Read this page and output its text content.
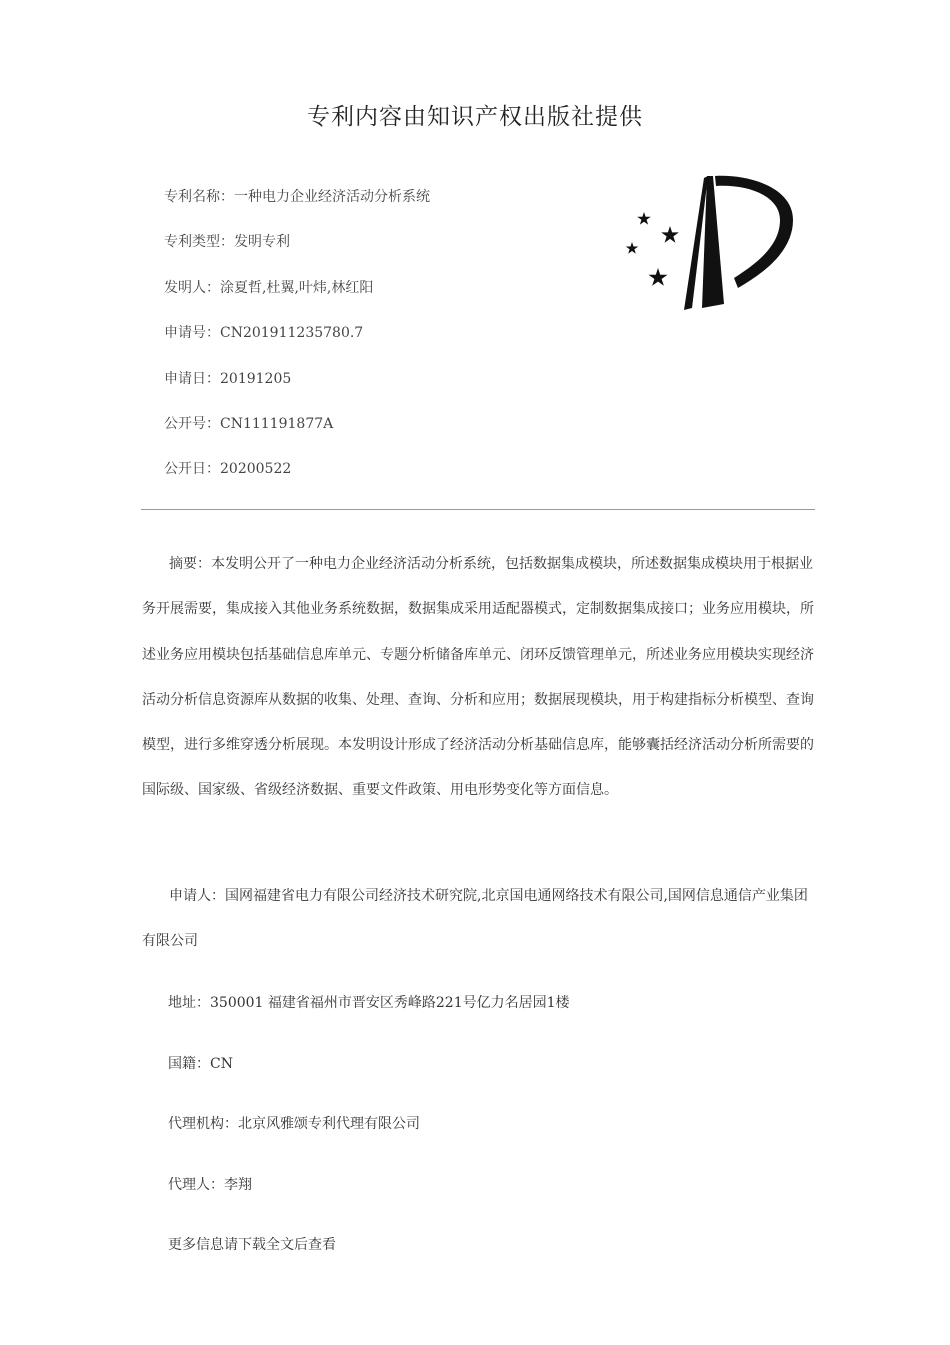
专利内容由知识产权出版社提供
专利名称：一种电力企业经济活动分析系统
专利类型：发明专利
发明人：涂夏哲,杜翼,叶炜,林红阳
申请号：CN201911235780.7
申请日：20191205
公开号：CN111191877A
公开日：20200522

摘要：本发明公开了一种电力企业经济活动分析系统，包括数据集成模块，所述数据集成模块用于根据业务开展需要，集成接入其他业务系统数据，数据集成采用适配器模式，定制数据集成接口；业务应用模块，所述业务应用模块包括基础信息库单元、专题分析储备库单元、闭环反馈管理单元，所述业务应用模块实现经济活动分析信息资源库从数据的收集、处理、查询、分析和应用；数据展现模块，用于构建指标分析模型、查询模型，进行多维穿透分析展现。本发明设计形成了经济活动分析基础信息库，能够囊括经济活动分析所需要的国际级、国家级、省级经济数据、重要文件政策、用电形势变化等方面信息。

申请人：国网福建省电力有限公司经济技术研究院,北京国电通网络技术有限公司,国网信息通信产业集团有限公司

地址：350001 福建省福州市晋安区秀峰路221号亿力名居园1楼
国籍：CN
代理机构：北京风雅颂专利代理有限公司
代理人：李翔
更多信息请下载全文后查看
